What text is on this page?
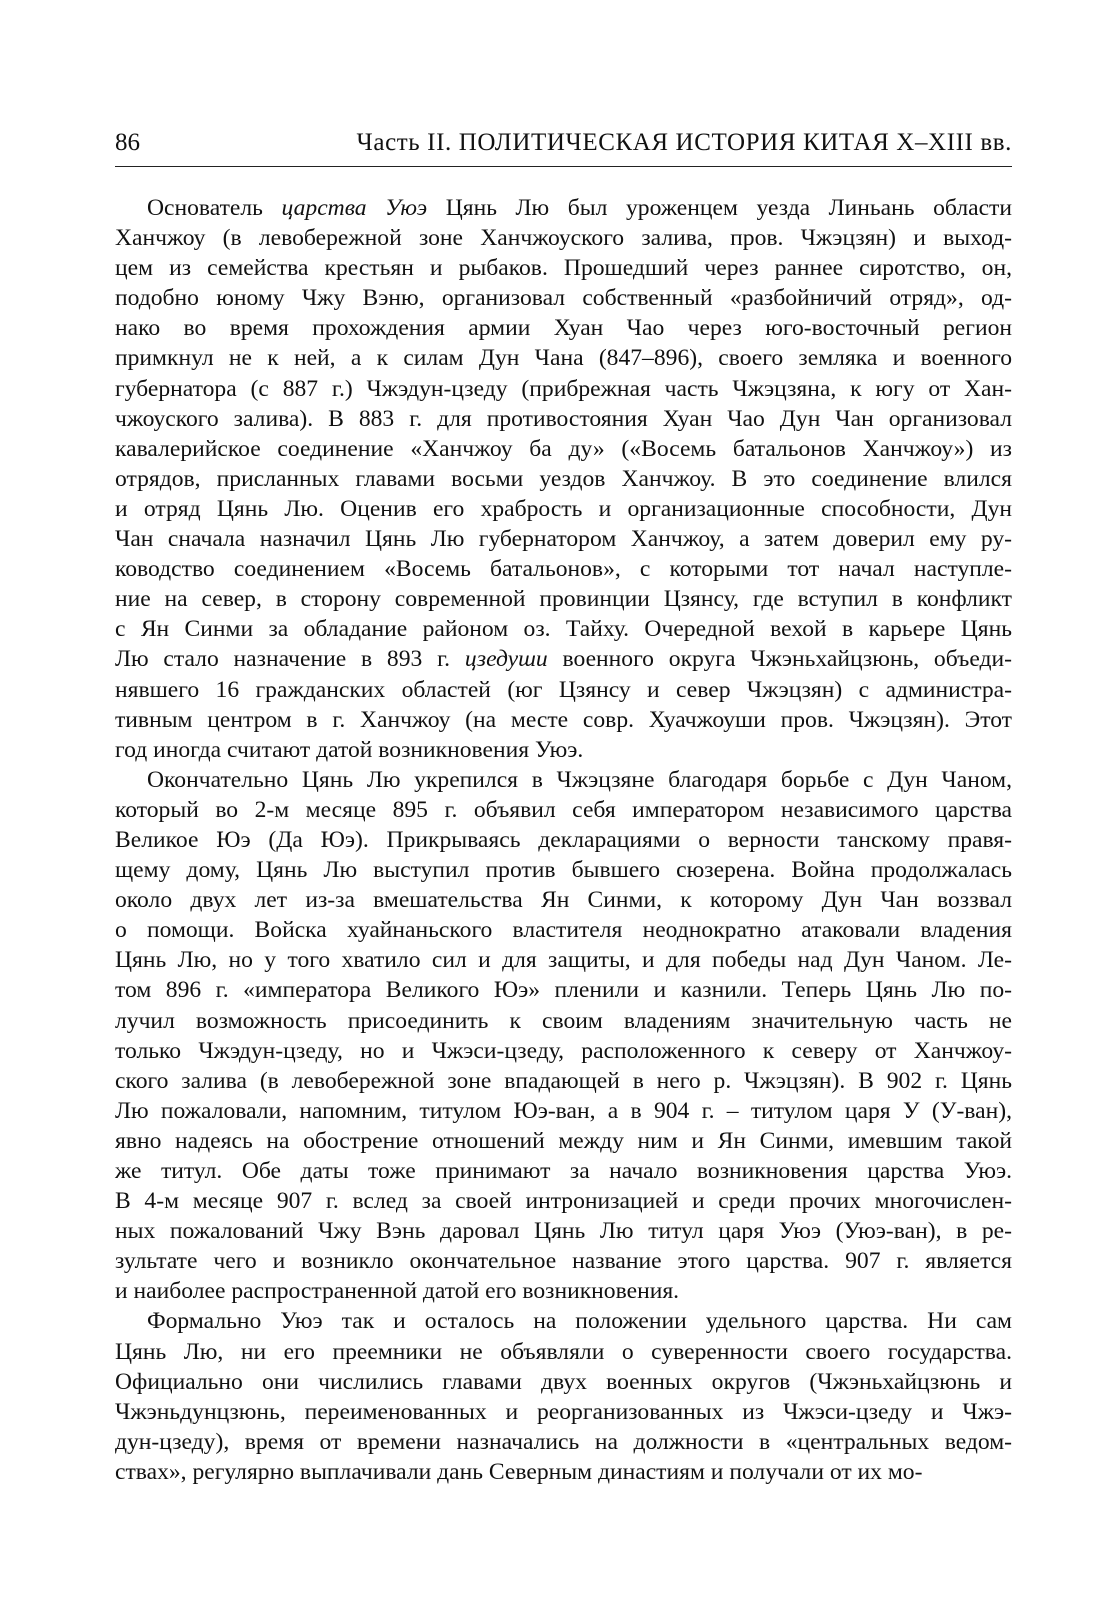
86	Часть II. ПОЛИТИЧЕСКАЯ ИСТОРИЯ КИТАЯ X–XIII вв.
Основатель царства Уюэ Цянь Лю был уроженцем уезда Линьань области
Ханчжоу (в левобережной зоне Ханчжоуского залива, пров. Чжэцзян) и выход-
цем из семейства крестьян и рыбаков. Прошедший через раннее сиротство, он,
подобно юному Чжу Вэню, организовал собственный «разбойничий отряд», од-
нако во время прохождения армии Хуан Чао через юго-восточный регион
примкнул не к ней, а к силам Дун Чана (847–896), своего земляка и военного
губернатора (с 887 г.) Чжэдун-цзеду (прибрежная часть Чжэцзяна, к югу от Хан-
чжоуского залива). В 883 г. для противостояния Хуан Чао Дун Чан организовал
кавалерийское соединение «Ханчжоу ба ду» («Восемь батальонов Ханчжоу») из
отрядов, присланных главами восьми уездов Ханчжоу. В это соединение влился
и отряд Цянь Лю. Оценив его храбрость и организационные способности, Дун
Чан сначала назначил Цянь Лю губернатором Ханчжоу, а затем доверил ему ру-
ководство соединением «Восемь батальонов», с которыми тот начал наступле-
ние на север, в сторону современной провинции Цзянсу, где вступил в конфликт
с Ян Синми за обладание районом оз. Тайху. Очередной вехой в карьере Цянь
Лю стало назначение в 893 г. цзедуши военного округа Чжэньхайцзюнь, объеди-
нявшего 16 гражданских областей (юг Цзянсу и север Чжэцзян) с администра-
тивным центром в г. Ханчжоу (на месте совр. Хуачжоуши пров. Чжэцзян). Этот
год иногда считают датой возникновения Уюэ.
Окончательно Цянь Лю укрепился в Чжэцзяне благодаря борьбе с Дун Чаном,
который во 2-м месяце 895 г. объявил себя императором независимого царства
Великое Юэ (Да Юэ). Прикрываясь декларациями о верности танскому правя-
щему дому, Цянь Лю выступил против бывшего сюзерена. Война продолжалась
около двух лет из-за вмешательства Ян Синми, к которому Дун Чан воззвал
о помощи. Войска хуайнаньского властителя неоднократно атаковали владения
Цянь Лю, но у того хватило сил и для защиты, и для победы над Дун Чаном. Ле-
том 896 г. «императора Великого Юэ» пленили и казнили. Теперь Цянь Лю по-
лучил возможность присоединить к своим владениям значительную часть не
только Чжэдун-цзеду, но и Чжэси-цзеду, расположенного к северу от Ханчжоу-
ского залива (в левобережной зоне впадающей в него р. Чжэцзян). В 902 г. Цянь
Лю пожаловали, напомним, титулом Юэ-ван, а в 904 г. – титулом царя У (У-ван),
явно надеясь на обострение отношений между ним и Ян Синми, имевшим такой
же титул. Обе даты тоже принимают за начало возникновения царства Уюэ.
В 4-м месяце 907 г. вслед за своей интронизацией и среди прочих многочислен-
ных пожалований Чжу Вэнь даровал Цянь Лю титул царя Уюэ (Уюэ-ван), в ре-
зультате чего и возникло окончательное название этого царства. 907 г. является
и наиболее распространенной датой его возникновения.
Формально Уюэ так и осталось на положении удельного царства. Ни сам
Цянь Лю, ни его преемники не объявляли о суверенности своего государства.
Официально они числились главами двух военных округов (Чжэньхайцзюнь и
Чжэньдунцзюнь, переименованных и реорганизованных из Чжэси-цзеду и Чжэ-
дун-цзеду), время от времени назначались на должности в «центральных ведом-
ствах», регулярно выплачивали дань Северным династиям и получали от их мо-
